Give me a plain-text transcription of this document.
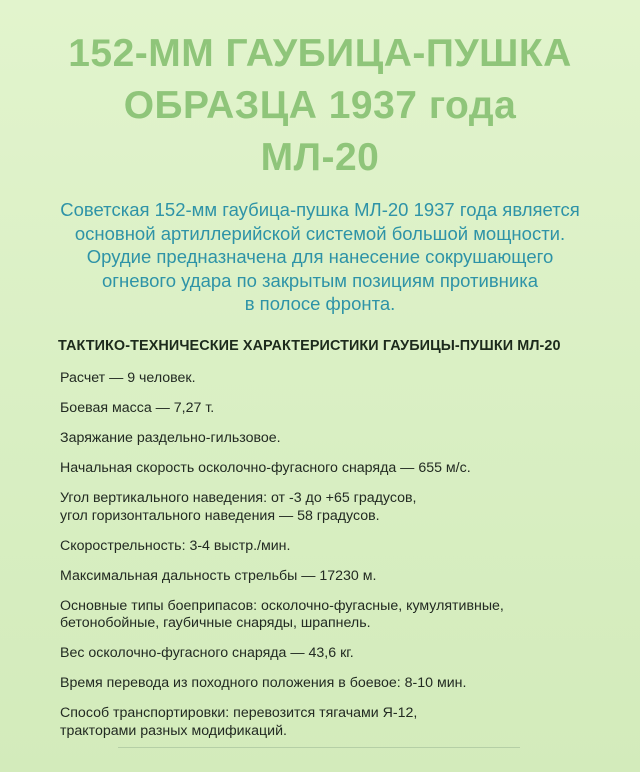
152-ММ ГАУБИЦА-ПУШКА
ОБРАЗЦА 1937 года
МЛ-20
Советская 152-мм гаубица-пушка МЛ-20 1937 года является
основной артиллерийской системой большой мощности.
Орудие предназначена для нанесение сокрушающего
огневого удара по закрытым позициям противника
в полосе фронта.
ТАКТИКО-ТЕХНИЧЕСКИЕ ХАРАКТЕРИСТИКИ ГАУБИЦЫ-ПУШКИ МЛ-20
Расчет — 9 человек.
Боевая масса — 7,27 т.
Заряжание раздельно-гильзовое.
Начальная скорость осколочно-фугасного снаряда — 655 м/с.
Угол вертикального наведения: от -3 до +65 градусов,
угол горизонтального наведения — 58 градусов.
Скорострельность: 3-4 выстр./мин.
Максимальная дальность стрельбы — 17230 м.
Основные типы боеприпасов: осколочно-фугасные, кумулятивные,
бетонобойные, гаубичные снаряды, шрапнель.
Вес осколочно-фугасного снаряда — 43,6 кг.
Время перевода из походного положения в боевое: 8-10 мин.
Способ транспортировки: перевозится тягачами Я-12,
тракторами разных модификаций.
